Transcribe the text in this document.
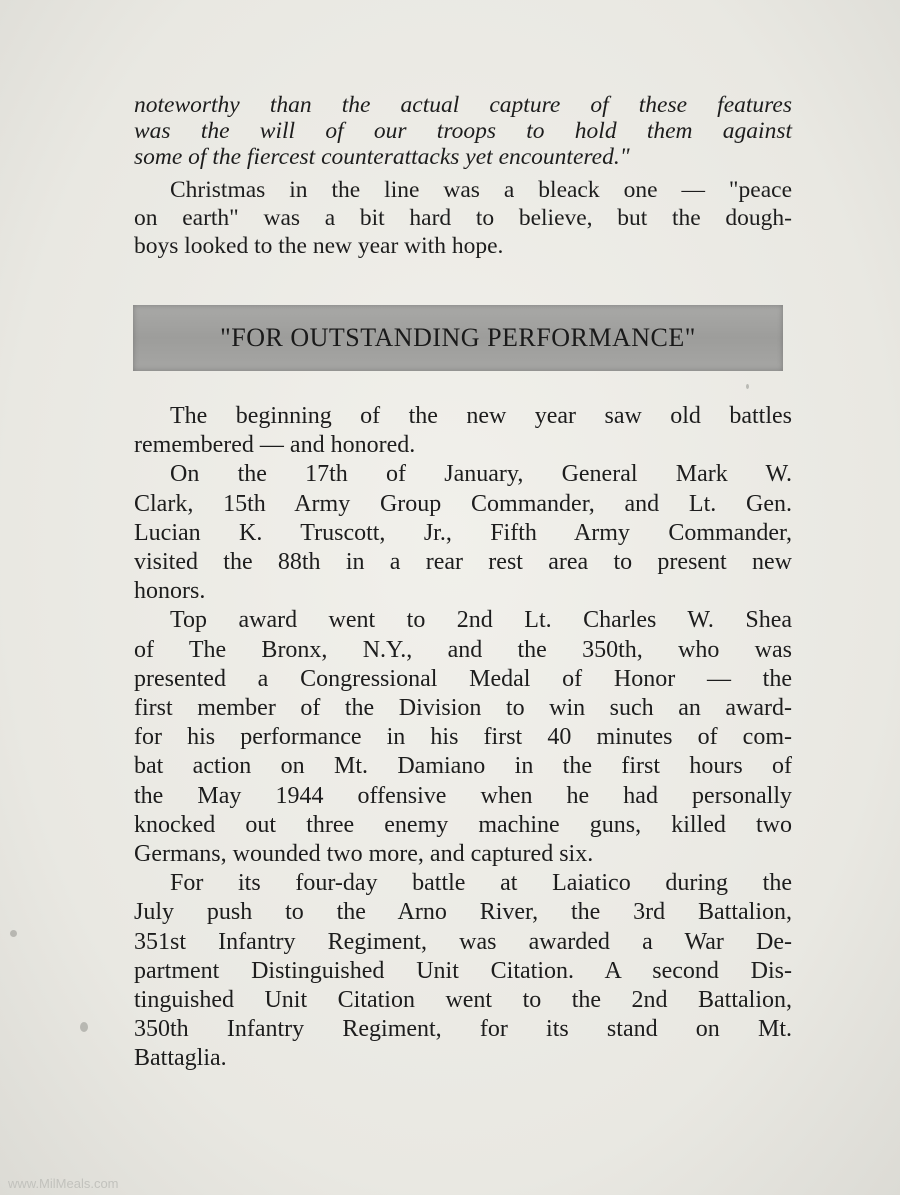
noteworthy than the actual capture of these features

was the will of our troops to hold them against

some of the fiercest counterattacks yet encountered."

Christmas in the line was a bleack one — "peace

on earth" was a bit hard to believe, but the dough-

boys looked to the new year with hope.

"FOR OUTSTANDING PERFORMANCE"

The beginning of the new year saw old battles

remembered — and honored.

On the 17th of January, General Mark W.

Clark, 15th Army Group Commander, and Lt. Gen.

Lucian K. Truscott, Jr., Fifth Army Commander,

visited the 88th in a rear rest area to present new

honors.

Top award went to 2nd Lt. Charles W. Shea

of The Bronx, N.Y., and the 350th, who was

presented a Congressional Medal of Honor — the

first member of the Division to win such an award-

for his performance in his first 40 minutes of com-

bat action on Mt. Damiano in the first hours of

the May 1944 offensive when he had personally

knocked out three enemy machine guns, killed two

Germans, wounded two more, and captured six.

For its four-day battle at Laiatico during the

July push to the Arno River, the 3rd Battalion,

351st Infantry Regiment, was awarded a War De-

partment Distinguished Unit Citation. A second Dis-

tinguished Unit Citation went to the 2nd Battalion,

350th Infantry Regiment, for its stand on Mt.

Battaglia.

www.MilMeals.com
